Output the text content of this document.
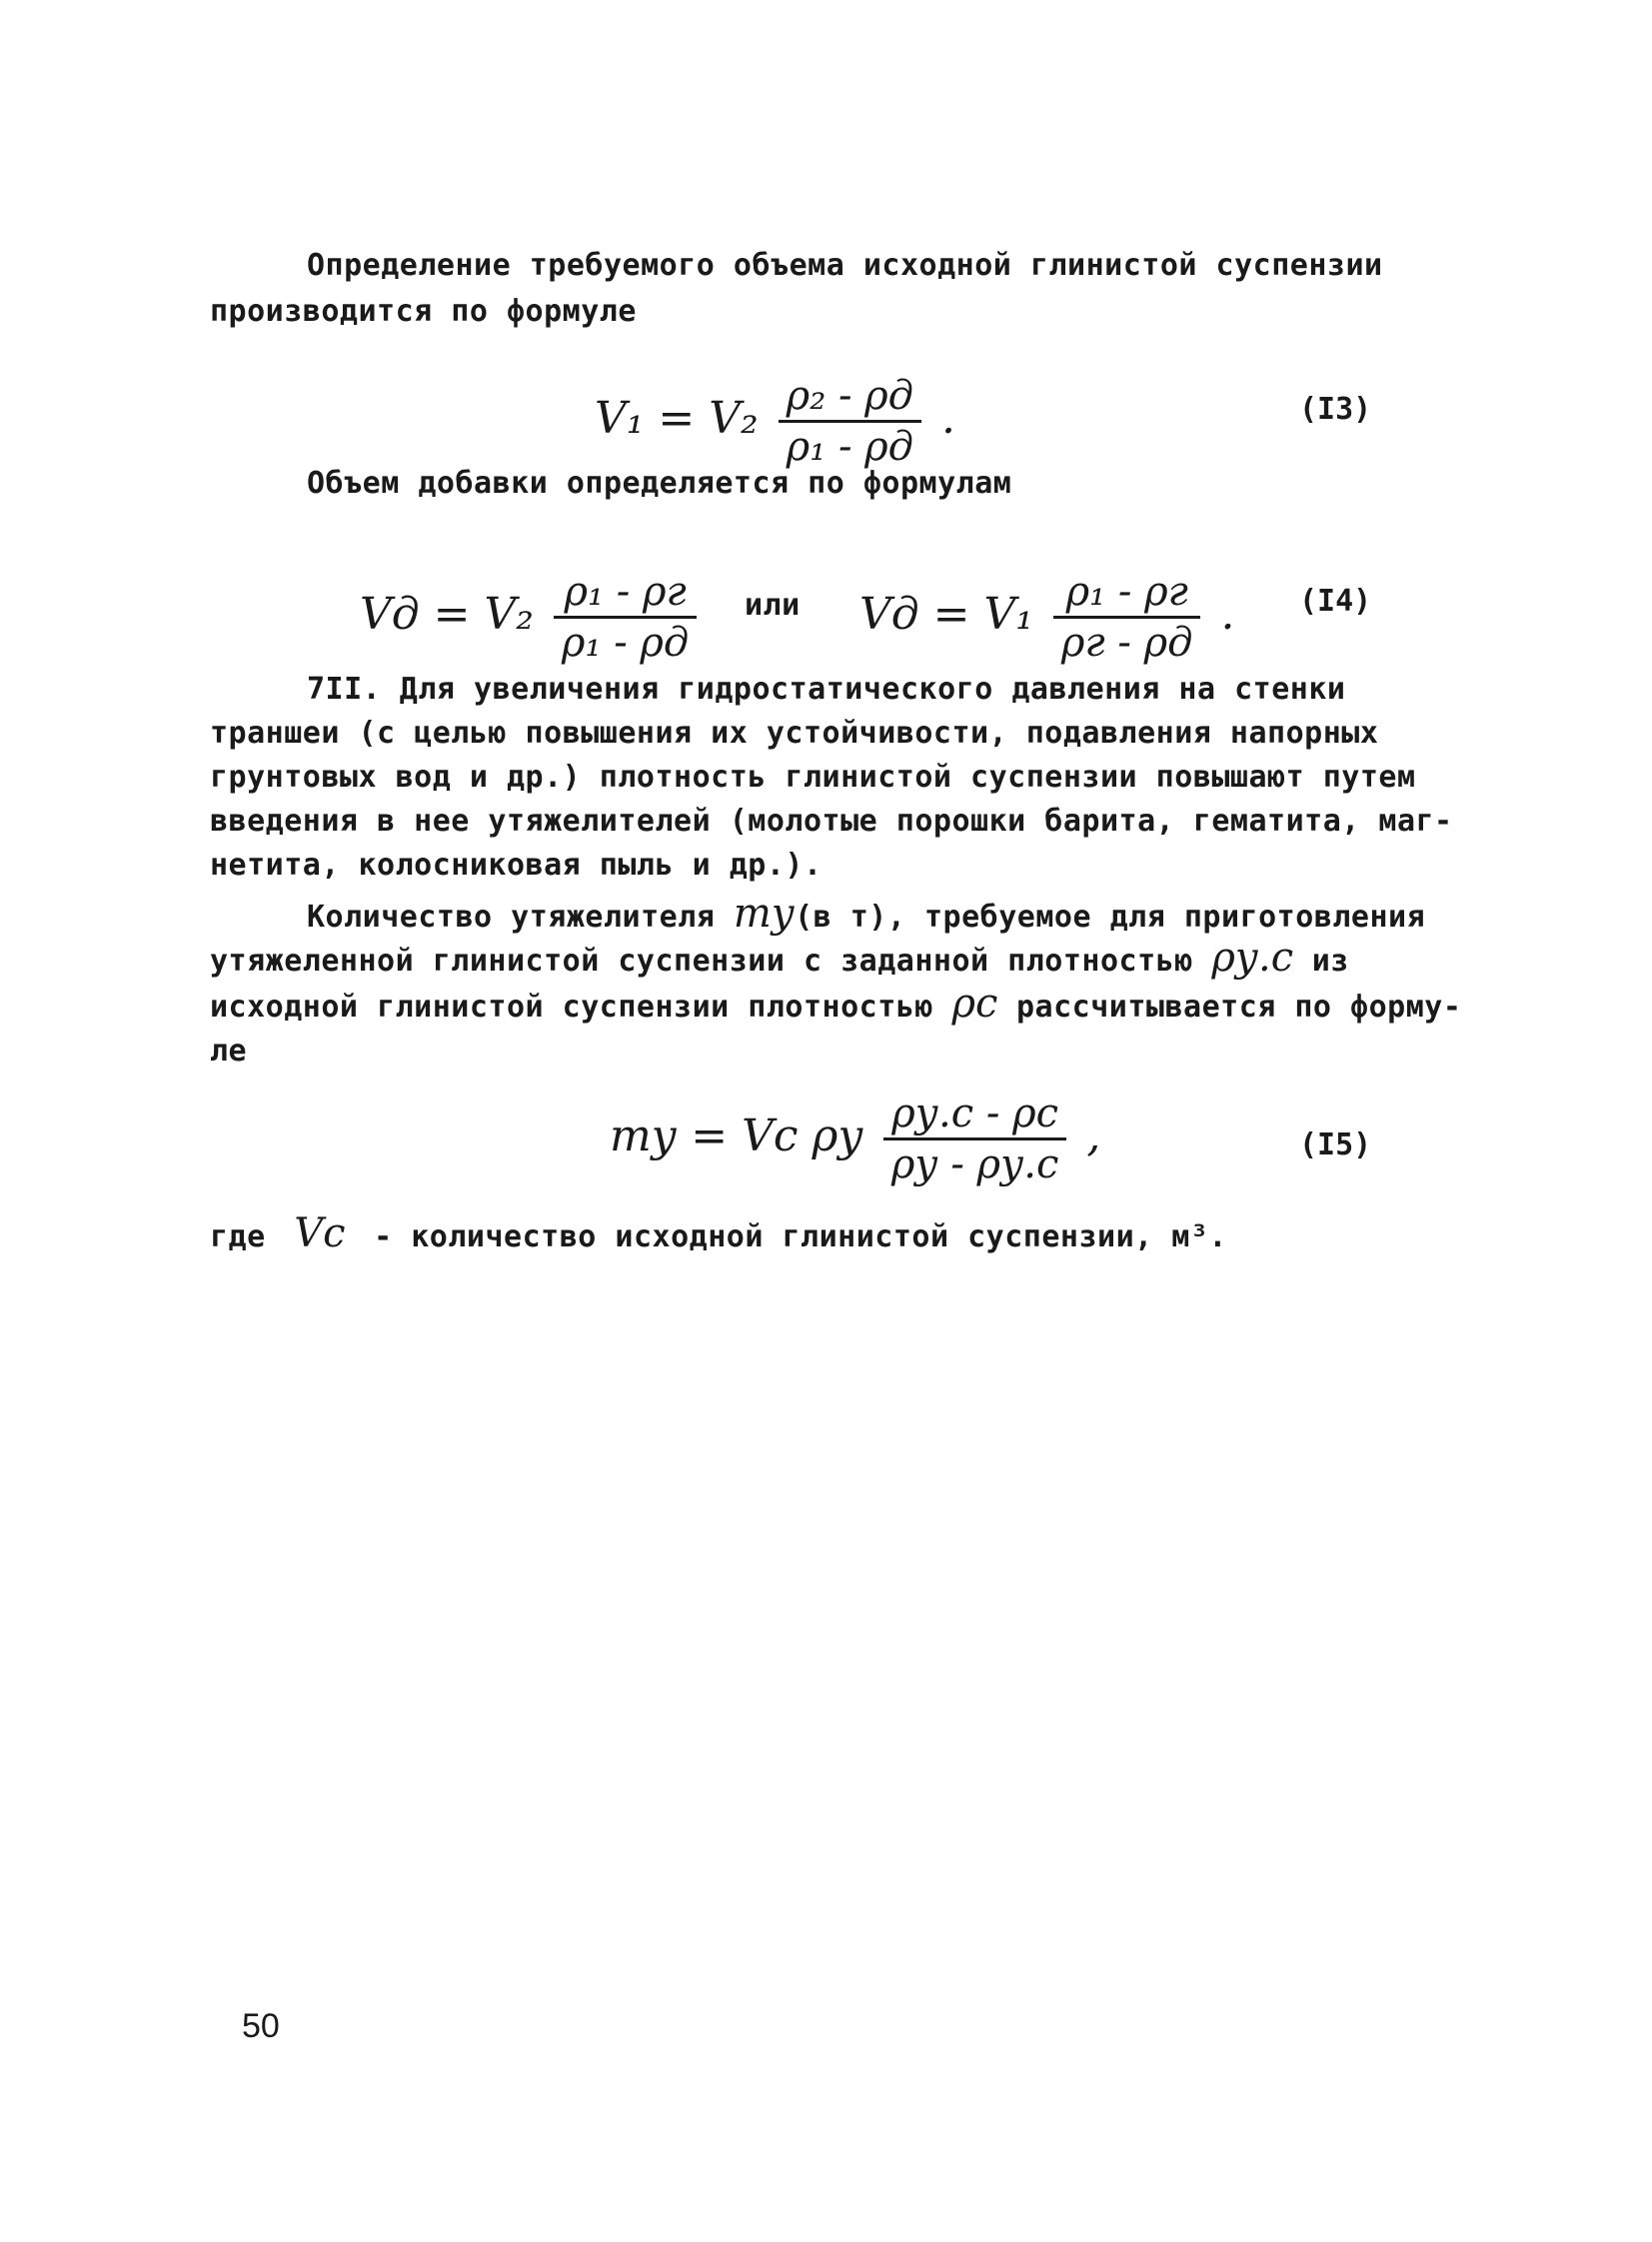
Определение требуемого объема исходной глинистой суспензии
производится по формуле
$V_1 = V_2 \frac{\text{ρ₂ - ρд}}{\text{ρ₁ - ρд}}$ .	(I3)
Объем добавки определяется по формулам
Vд = $V_2 \frac{\text{ρ₁ - ρг}}{\text{ρ₁ - ρд}}$ или Vд = $V_1 \frac{\text{ρ₁ - ρг}}{\rho г - \rho д}$ . (I4)
7II. Для увеличения гидростатического давления на стенки
траншеи (с целью повышения их устойчивости, подавления напорных
грунтовых вод и др.) плотность глинистой суспензии повышают путем
введения в нее утяжелителей (молотые порошки барита, гематита, маг-
нетита, колосниковая пыль и др.).
Количество утяжелителя mу(в т), требуемое для приготовления
утяжеленной глинистой суспензии с заданной плотностью ρу.с из
исходной глинистой суспензии плотностью ρс рассчитывается по форму-
ле
mу = Vс ρу $\frac{\rho у.с - \rho с}{\rho у - \rho у.с}$ ,	(I5)
где Vс - количество исходной глинистой суспензии, м³.
50
